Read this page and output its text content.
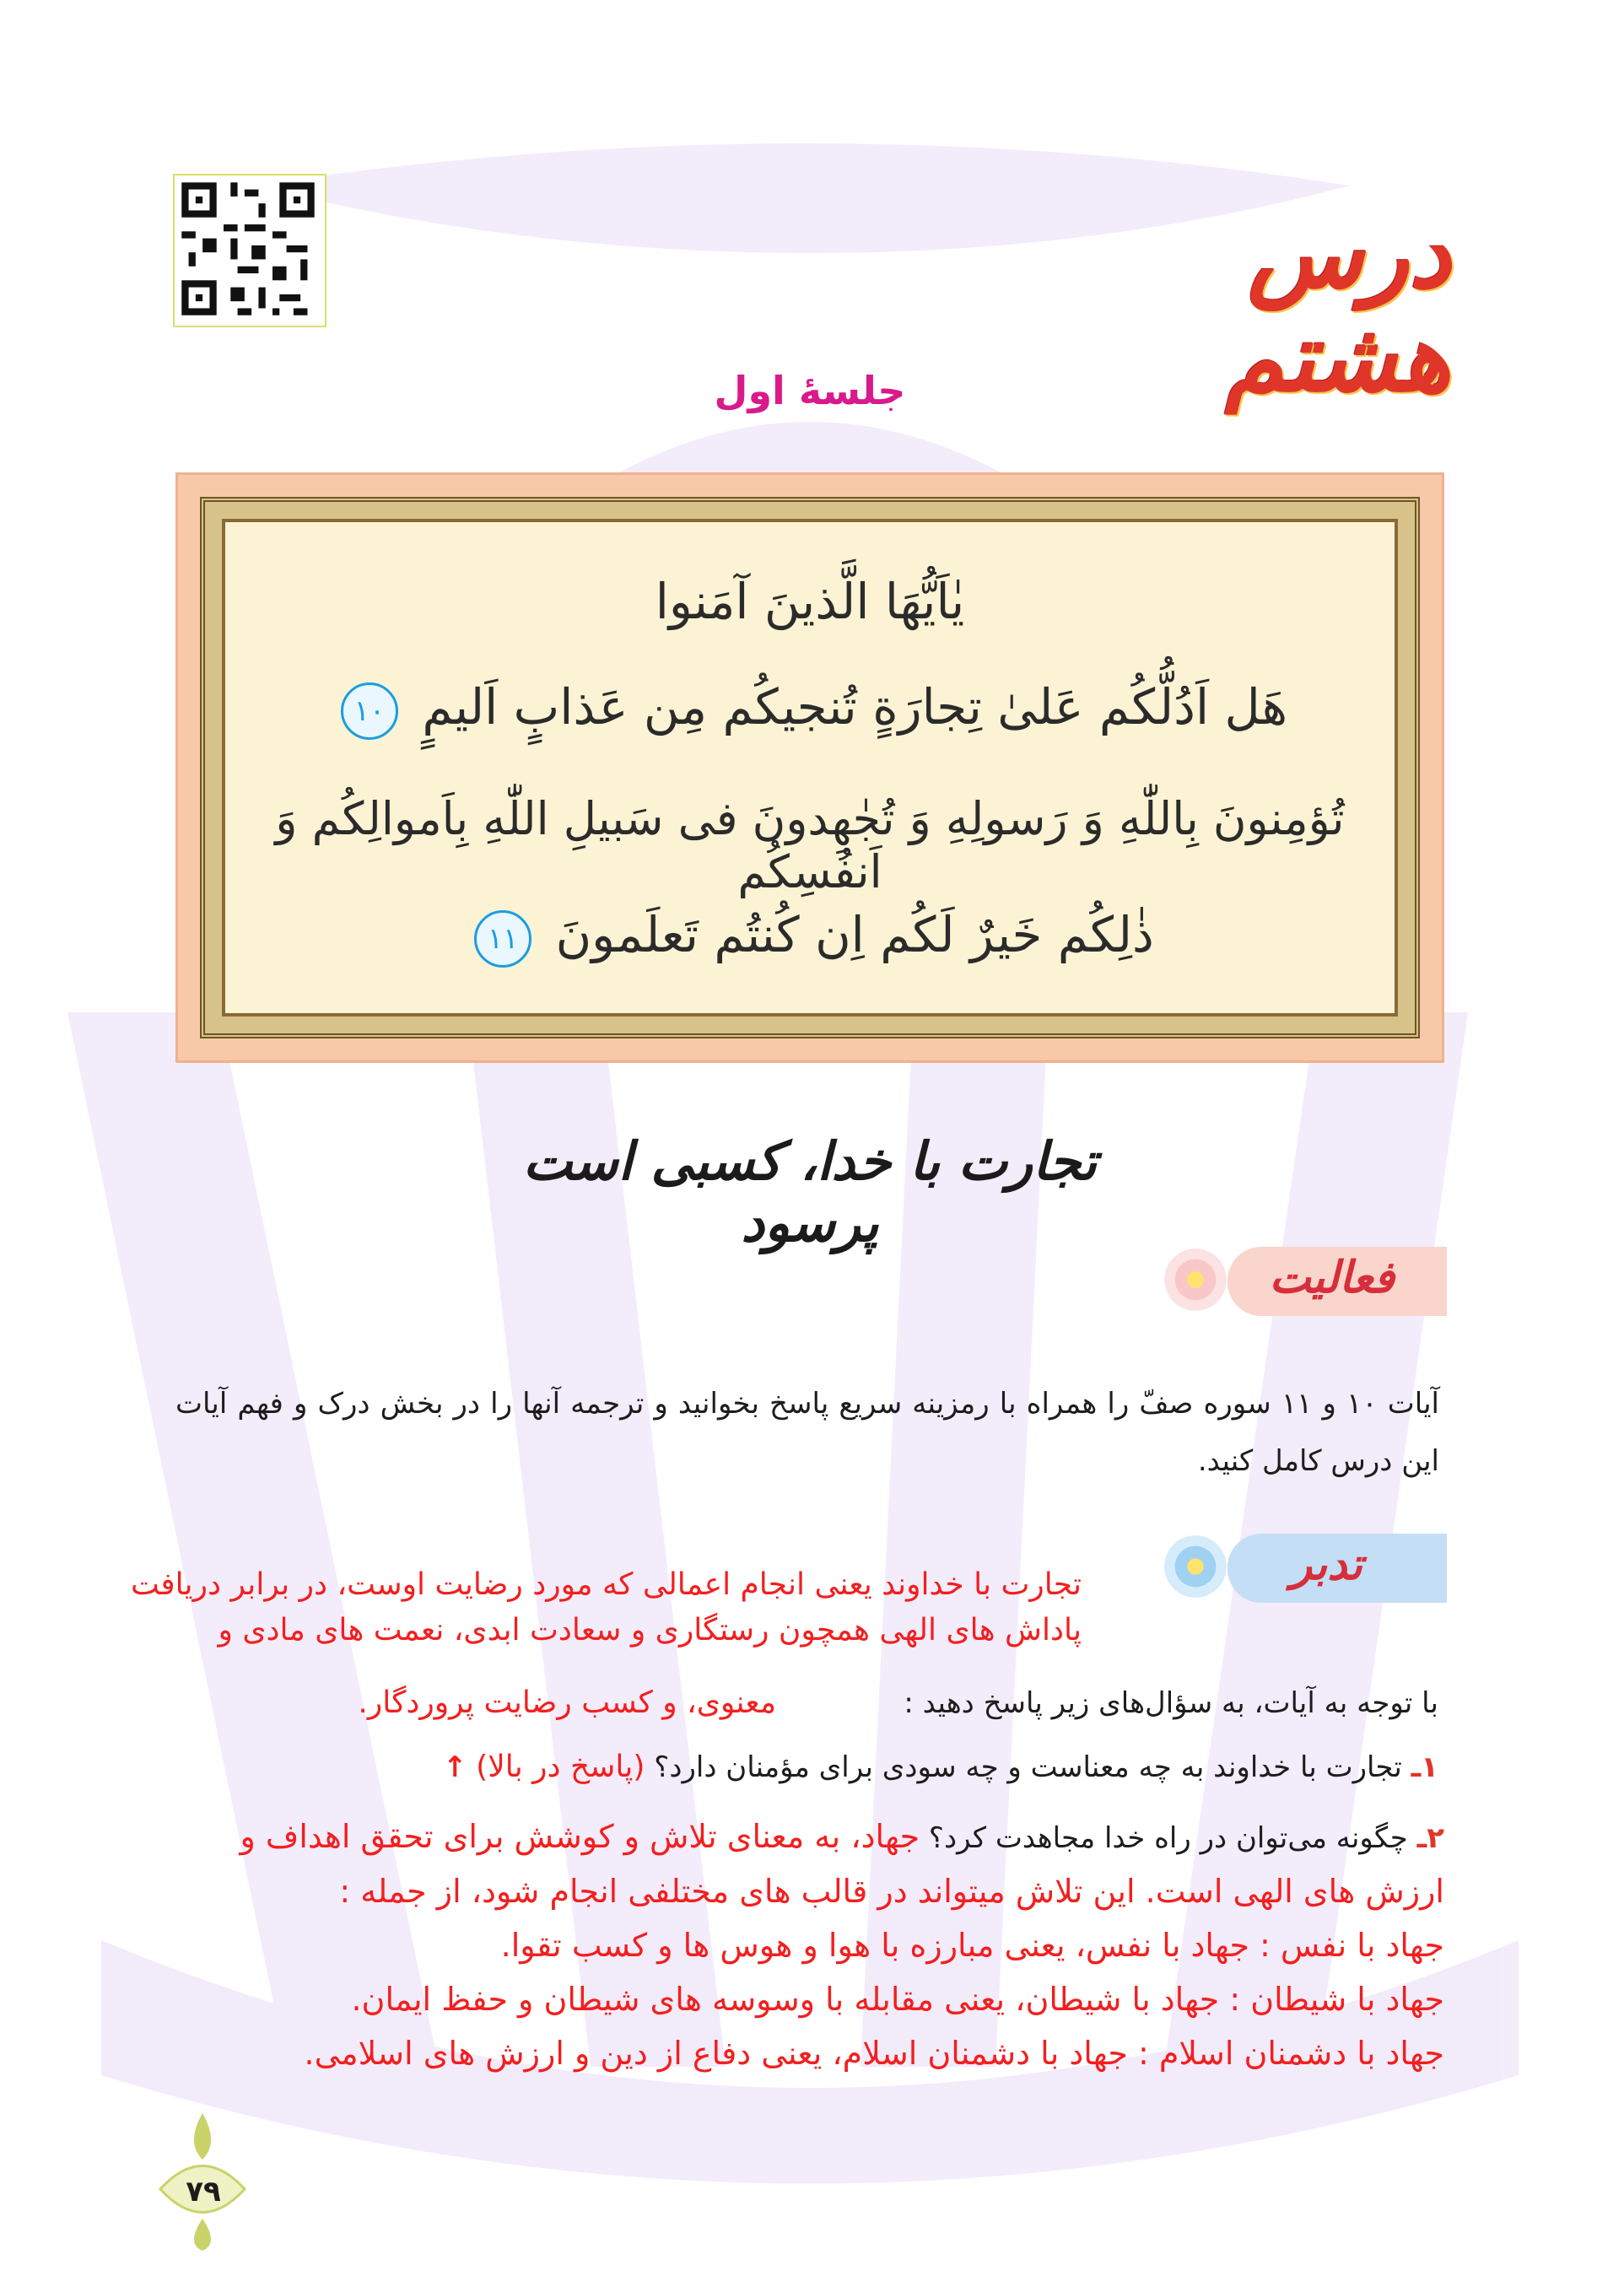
درس هشتم
جلسهٔ اول
یٰاَیُّهَا الَّذینَ آمَنوا
هَل اَدُلُّکُم عَلیٰ تِجارَةٍ تُنجیکُم مِن عَذابٍ اَلیمٍ ۱۰
تُؤمِنونَ بِاللّٰهِ وَ رَسولِهِ وَ تُجٰهِدونَ فی سَبیلِ اللّٰهِ بِاَموالِکُم وَ اَنفُسِکُم
ذٰلِکُم خَیرٌ لَکُم اِن کُنتُم تَعلَمونَ ۱۱
تجارت با خدا، کسبی است پرسود
فعالیت
آیات ۱۰ و ۱۱ سوره صفّ را همراه با رمزینه سریع پاسخ بخوانید و ترجمه آنها را در بخش درک و فهم آیات این درس کامل کنید.
تدبر
تجارت با خداوند یعنی انجام اعمالی که مورد رضایت اوست، در برابر دریافت
پاداش های الهی همچون رستگاری و سعادت ابدی، نعمت های مادی و
معنوی، و کسب رضایت پروردگار.	با توجه به آیات، به سؤال‌های زیر پاسخ دهید :
۱ـ تجارت با خداوند به چه معناست و چه سودی برای مؤمنان دارد؟ (پاسخ در بالا) ↑
۲ـ چگونه می‌توان در راه خدا مجاهدت کرد؟ جهاد، به معنای تلاش و کوشش برای تحقق اهداف و
ارزش های الهی است. این تلاش میتواند در قالب های مختلفی انجام شود، از جمله :
جهاد با نفس : جهاد با نفس، یعنی مبارزه با هوا و هوس ها و کسب تقوا.
جهاد با شیطان : جهاد با شیطان، یعنی مقابله با وسوسه های شیطان و حفظ ایمان.
جهاد با دشمنان اسلام : جهاد با دشمنان اسلام، یعنی دفاع از دین و ارزش های اسلامی.
۷۹
